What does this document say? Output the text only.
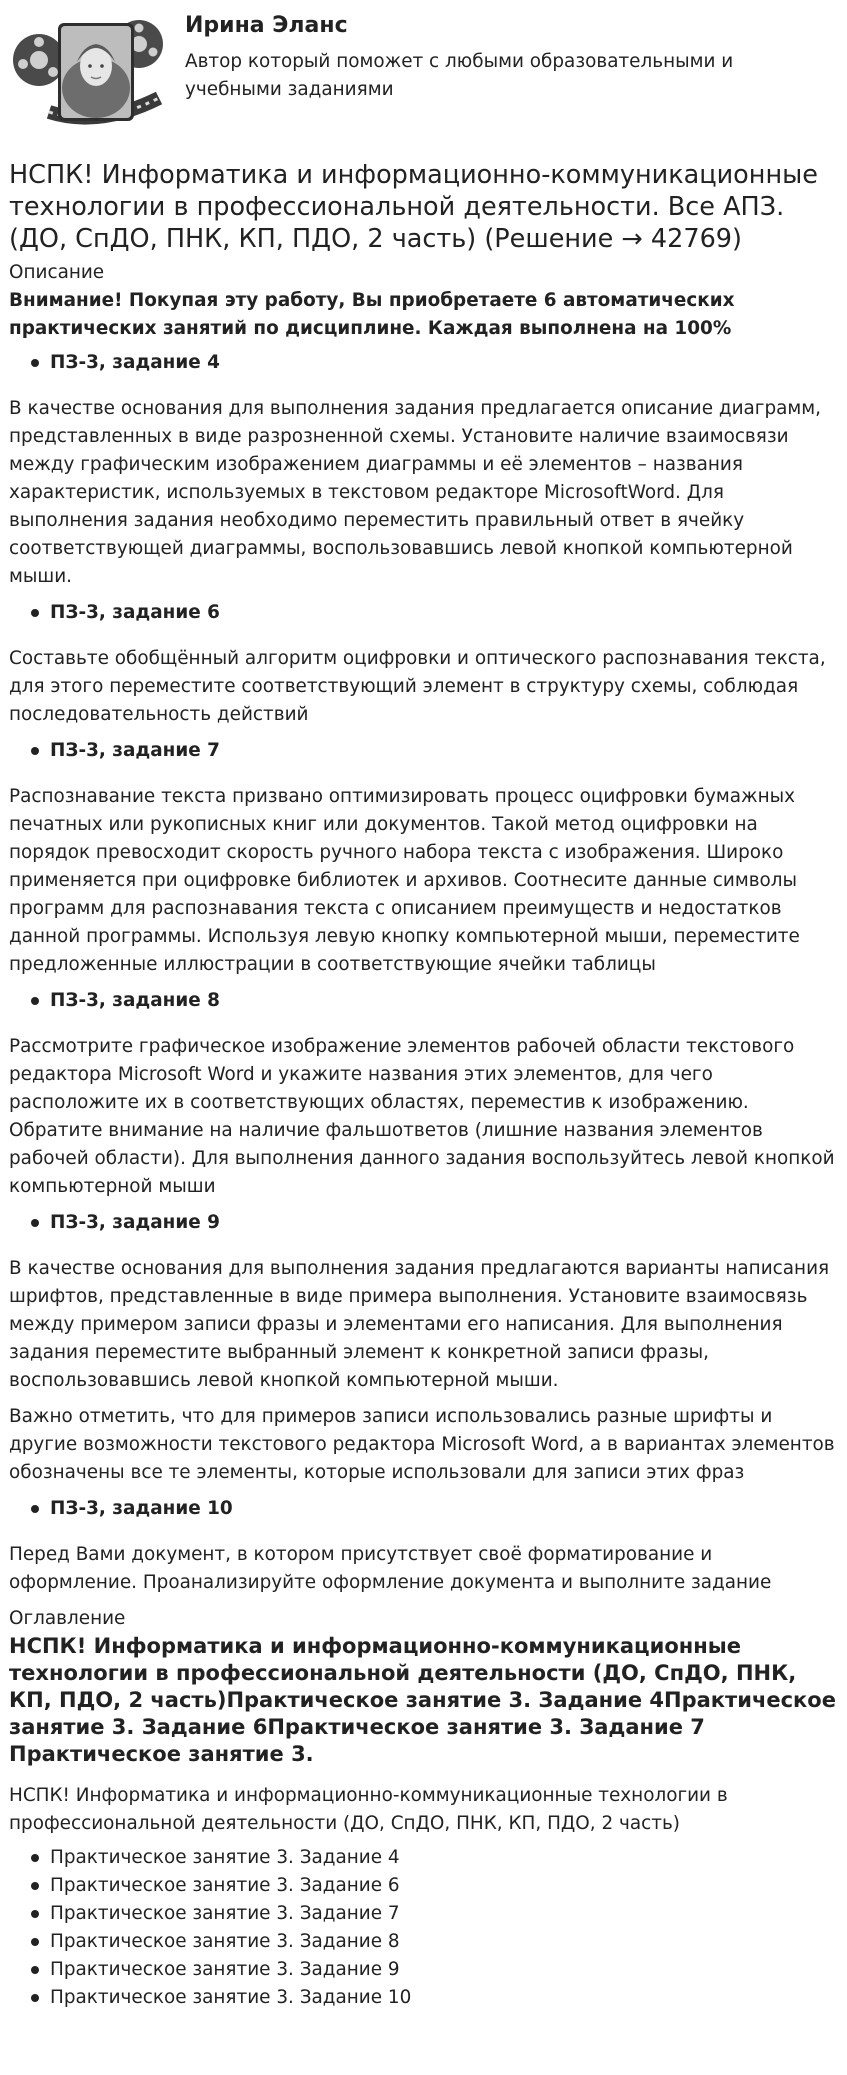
Ирина Эланс
Автор который поможет с любыми образовательными и учебными заданиями
НСПК! Информатика и информационно-коммуникационные технологии в профессиональной деятельности. Все АПЗ. (ДО, СпДО, ПНК, КП, ПДО, 2 часть) (Решение → 42769)
Описание
Внимание! Покупая эту работу, Вы приобретаете 6 автоматических практических занятий по дисциплине. Каждая выполнена на 100%
ПЗ-3, задание 4

В качестве основания для выполнения задания предлагается описание диаграмм, представленных в виде разрозненной схемы. Установите наличие взаимосвязи между графическим изображением диаграммы и её элементов – названия характеристик, используемых в текстовом редакторе MicrosoftWord. Для выполнения задания необходимо переместить правильный ответ в ячейку соответствующей диаграммы, воспользовавшись левой кнопкой компьютерной мыши.

ПЗ-3, задание 6

Составьте обобщённый алгоритм оцифровки и оптического распознавания текста, для этого переместите соответствующий элемент в структуру схемы, соблюдая последовательность действий

ПЗ-3, задание 7

Распознавание текста призвано оптимизировать процесс оцифровки бумажных печатных или рукописных книг или документов. Такой метод оцифровки на порядок превосходит скорость ручного набора текста с изображения. Широко применяется при оцифровке библиотек и архивов. Соотнесите данные символы программ для распознавания текста с описанием преимуществ и недостатков данной программы. Используя левую кнопку компьютерной мыши, переместите предложенные иллюстрации в соответствующие ячейки таблицы

ПЗ-3, задание 8

Рассмотрите графическое изображение элементов рабочей области текстового редактора Microsoft Word и укажите названия этих элементов, для чего расположите их в соответствующих областях, переместив к изображению. Обратите внимание на наличие фальшответов (лишние названия элементов рабочей области). Для выполнения данного задания воспользуйтесь левой кнопкой компьютерной мыши

ПЗ-3, задание 9

В качестве основания для выполнения задания предлагаются варианты написания шрифтов, представленные в виде примера выполнения. Установите взаимосвязь между примером записи фразы и элементами его написания. Для выполнения задания переместите выбранный элемент к конкретной записи фразы, воспользовавшись левой кнопкой компьютерной мыши.

Важно отметить, что для примеров записи использовались разные шрифты и другие возможности текстового редактора Microsoft Word, а в вариантах элементов обозначены все те элементы, которые использовали для записи этих фраз

ПЗ-3, задание 10

Перед Вами документ, в котором присутствует своё форматирование и оформление. Проанализируйте оформление документа и выполните задание

Оглавление
НСПК! Информатика и информационно-коммуникационные технологии в профессиональной деятельности (ДО, СпДО, ПНК, КП, ПДО, 2 часть)Практическое занятие 3. Задание 4Практическое занятие 3. Задание 6Практическое занятие 3. Задание 7 Практическое занятие 3.
НСПК! Информатика и информационно-коммуникационные технологии в профессиональной деятельности (ДО, СпДО, ПНК, КП, ПДО, 2 часть)
Практическое занятие 3. Задание 4
Практическое занятие 3. Задание 6
Практическое занятие 3. Задание 7
Практическое занятие 3. Задание 8
Практическое занятие 3. Задание 9
Практическое занятие 3. Задание 10
